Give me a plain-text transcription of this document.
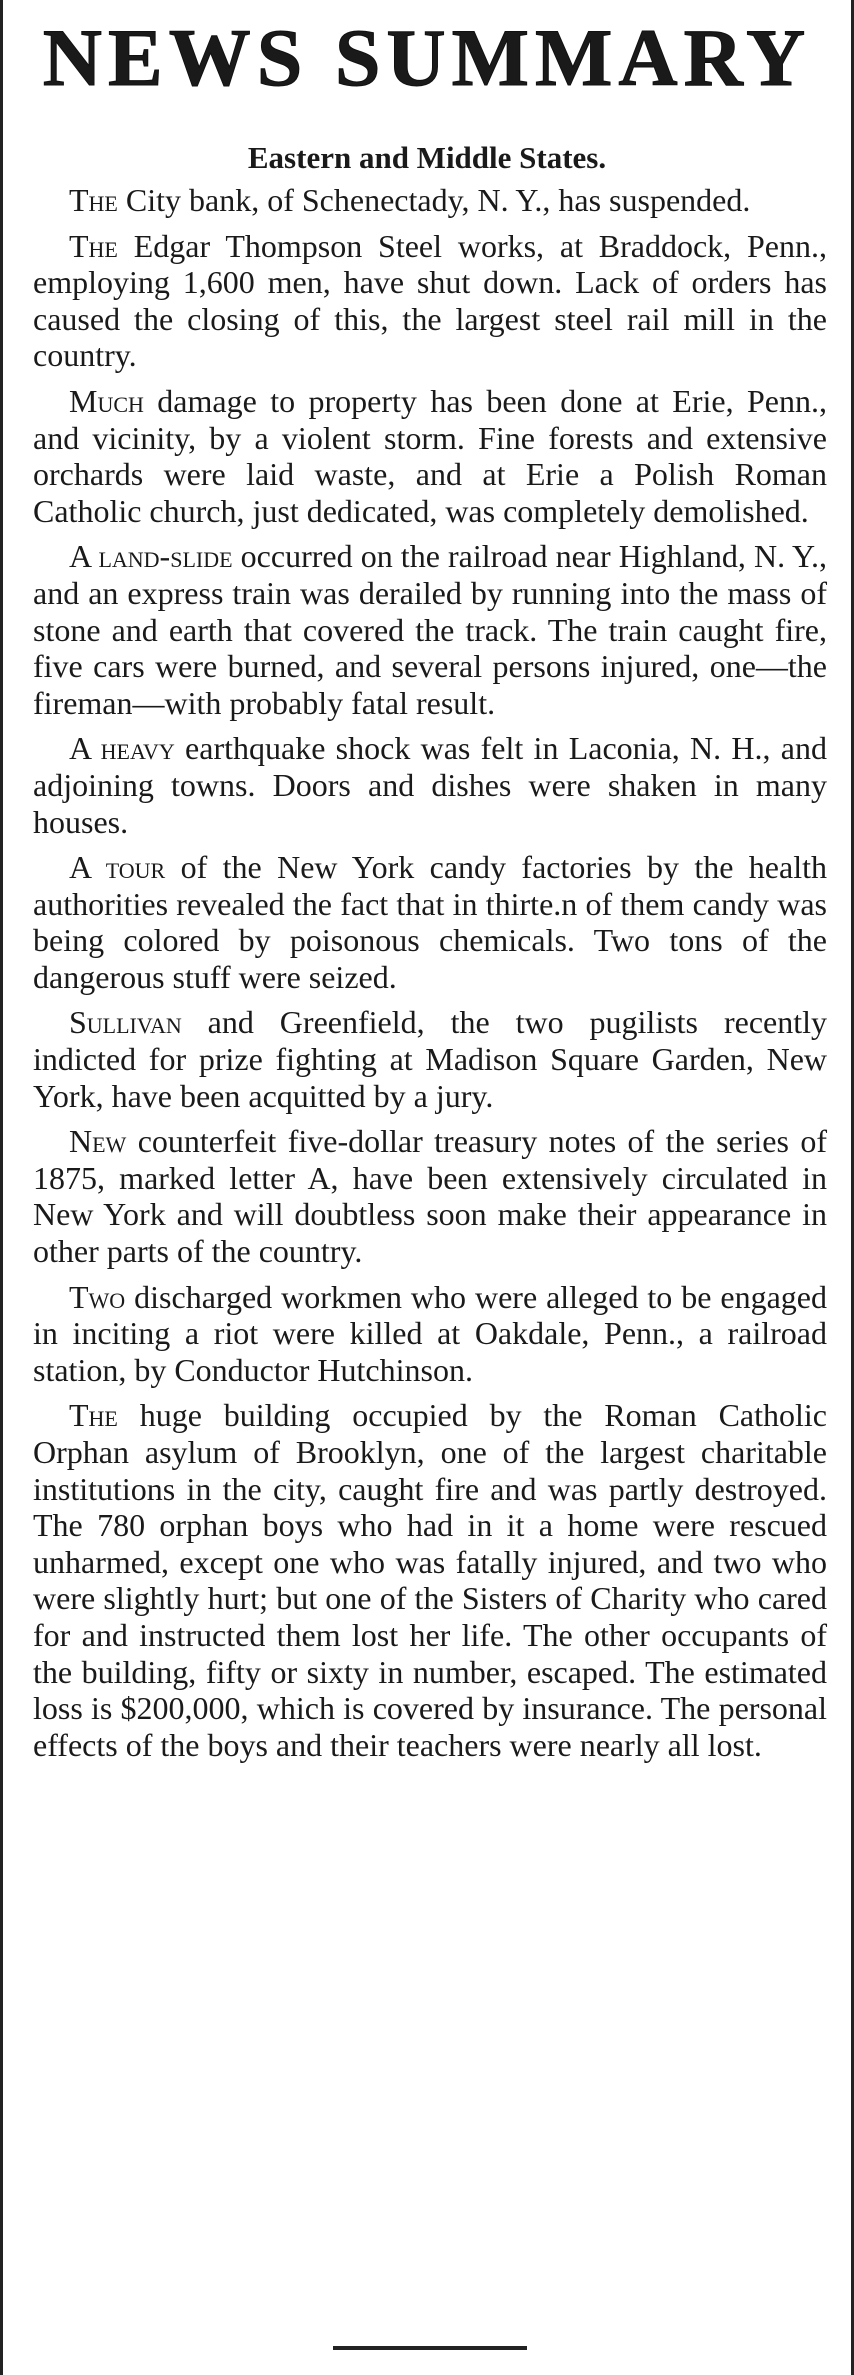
NEWS SUMMARY
Eastern and Middle States.

The City bank, of Schenectady, N. Y., has suspended.

The Edgar Thompson Steel works, at Braddock, Penn., employing 1,600 men, have shut down. Lack of orders has caused the closing of this, the largest steel rail mill in the country.

Much damage to property has been done at Erie, Penn., and vicinity, by a violent storm. Fine forests and extensive orchards were laid waste, and at Erie a Polish Roman Catholic church, just dedicated, was completely demolished.

A land-slide occurred on the railroad near Highland, N. Y., and an express train was derailed by running into the mass of stone and earth that covered the track. The train caught fire, five cars were burned, and several persons injured, one—the fireman—with probably fatal result.

A heavy earthquake shock was felt in Laconia, N. H., and adjoining towns. Doors and dishes were shaken in many houses.

A tour of the New York candy factories by the health authorities revealed the fact that in thirte.n of them candy was being colored by poisonous chemicals. Two tons of the dangerous stuff were seized.

Sullivan and Greenfield, the two pugilists recently indicted for prize fighting at Madison Square Garden, New York, have been acquitted by a jury.

New counterfeit five-dollar treasury notes of the series of 1875, marked letter A, have been extensively circulated in New York and will doubtless soon make their appearance in other parts of the country.

Two discharged workmen who were alleged to be engaged in inciting a riot were killed at Oakdale, Penn., a railroad station, by Conductor Hutchinson.

The huge building occupied by the Roman Catholic Orphan asylum of Brooklyn, one of the largest charitable institutions in the city, caught fire and was partly destroyed. The 780 orphan boys who had in it a home were rescued unharmed, except one who was fatally injured, and two who were slightly hurt; but one of the Sisters of Charity who cared for and instructed them lost her life. The other occupants of the building, fifty or sixty in number, escaped. The estimated loss is $200,000, which is covered by insurance. The personal effects of the boys and their teachers were nearly all lost.
